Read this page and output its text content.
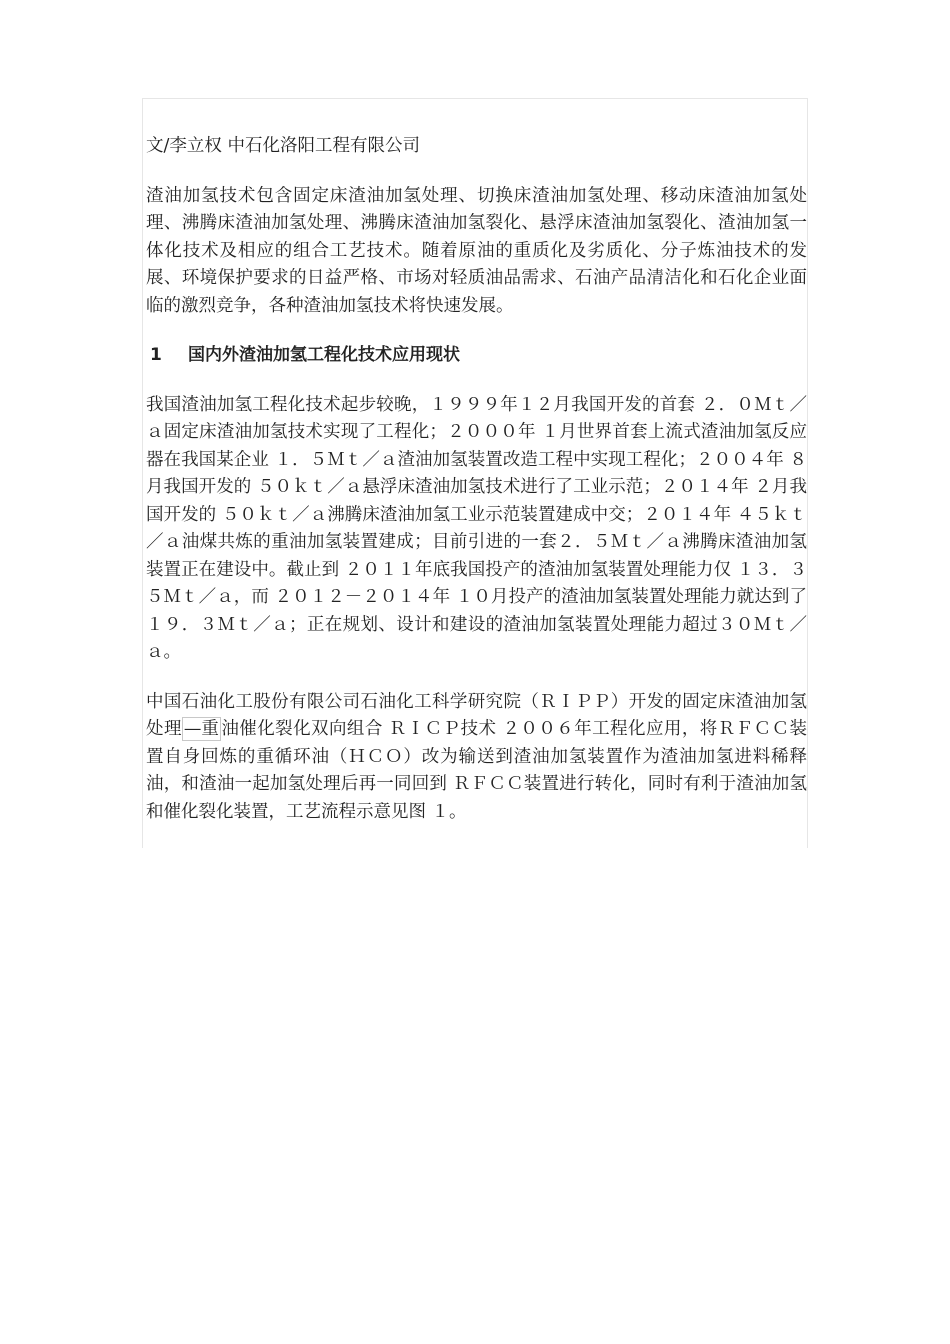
文/李立权 中石化洛阳工程有限公司
渣油加氢技术包含固定床渣油加氢处理、切换床渣油加氢处理、移动床渣油加氢处理、沸腾床渣油加氢处理、沸腾床渣油加氢裂化、悬浮床渣油加氢裂化、渣油加氢一体化技术及相应的组合工艺技术。随着原油的重质化及劣质化、分子炼油技术的发展、环境保护要求的日益严格、市场对轻质油品需求、石油产品清洁化和石化企业面临的激烈竞争，各种渣油加氢技术将快速发展。
1 国内外渣油加氢工程化技术应用现状
我国渣油加氢工程化技术起步较晚，１９９９年１２月我国开发的首套 ２．０Ｍｔ／ａ固定床渣油加氢技术实现了工程化；２０００年 １月世界首套上流式渣油加氢反应器在我国某企业 １．５Ｍｔ／ａ渣油加氢装置改造工程中实现工程化；２００４年 ８月我国开发的 ５０ｋｔ／ａ悬浮床渣油加氢技术进行了工业示范；２０１４年 ２月我国开发的 ５０ｋｔ／ａ沸腾床渣油加氢工业示范装置建成中交；２０１４年 ４５ｋｔ／ａ油煤共炼的重油加氢装置建成；目前引进的一套２．５Ｍｔ／ａ沸腾床渣油加氢装置正在建设中。截止到 ２０１１年底我国投产的渣油加氢装置处理能力仅 １３．３５Ｍｔ／ａ，而 ２０１２－２０１４年 １０月投产的渣油加氢装置处理能力就达到了１９．３Ｍｔ／ａ；正在规划、设计和建设的渣油加氢装置处理能力超过３０Ｍｔ／ａ。
中国石油化工股份有限公司石油化工科学研究院（ＲＩＰＰ）开发的固定床渣油加氢处理 —重 油催化裂化双向组合 ＲＩＣＰ技术 ２００６年工程化应用，将ＲＦＣＣ装置自身回炼的重循环油（ＨＣＯ）改为输送到渣油加氢装置作为渣油加氢进料稀释油，和渣油一起加氢处理后再一同回到 ＲＦＣＣ装置进行转化，同时有利于渣油加氢和催化裂化装置，工艺流程示意见图 １。
